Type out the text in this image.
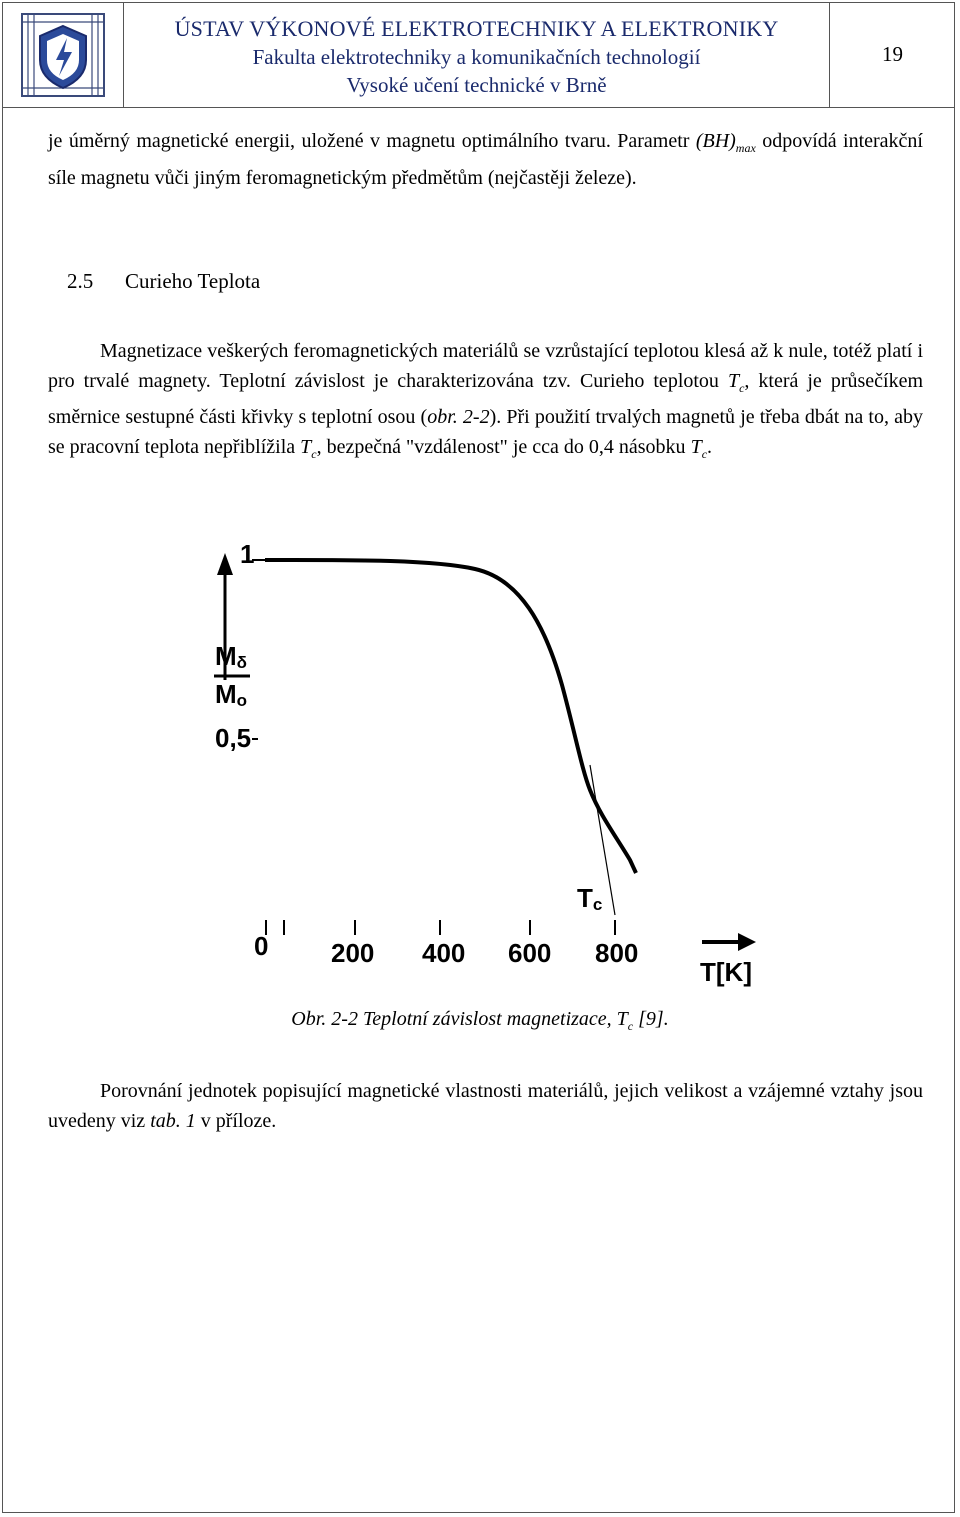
ÚSTAV VÝKONOVÉ ELEKTROTECHNIKY A ELEKTRONIKY
Fakulta elektrotechniky a komunikačních technologií
Vysoké učení technické v Brně
19

je úměrný magnetické energii, uložené v magnetu optimálního tvaru. Parametr $(BH)_{max}$ odpovídá interakční síle magnetu vůči jiným feromagnetickým předmětům (nejčastěji železe).

2.5 Curieho Teplota

Magnetizace veškerých feromagnetických materiálů se vzrůstající teplotou klesá až k nule, totéž platí i pro trvalé magnety. Teplotní závislost je charakterizována tzv. Curieho teplotou $T_c$, která je průsečíkem směrnice sestupné části křivky s teplotní osou (obr. 2-2). Při použití trvalých magnetů je třeba dbát na to, aby se pracovní teplota nepřiblížila $T_c$, bezpečná "vzdálenost" je cca do 0,4 násobku $T_c$.

1
Mδ
Mo
0,5
0 200 400 600 800
T[K]
Tc
Obr. 2-2 Teplotní závislost magnetizace, $T_c$ [9].

Porovnání jednotek popisující magnetické vlastnosti materiálů, jejich velikost a vzájemné vztahy jsou uvedeny viz tab. 1 v příloze.
